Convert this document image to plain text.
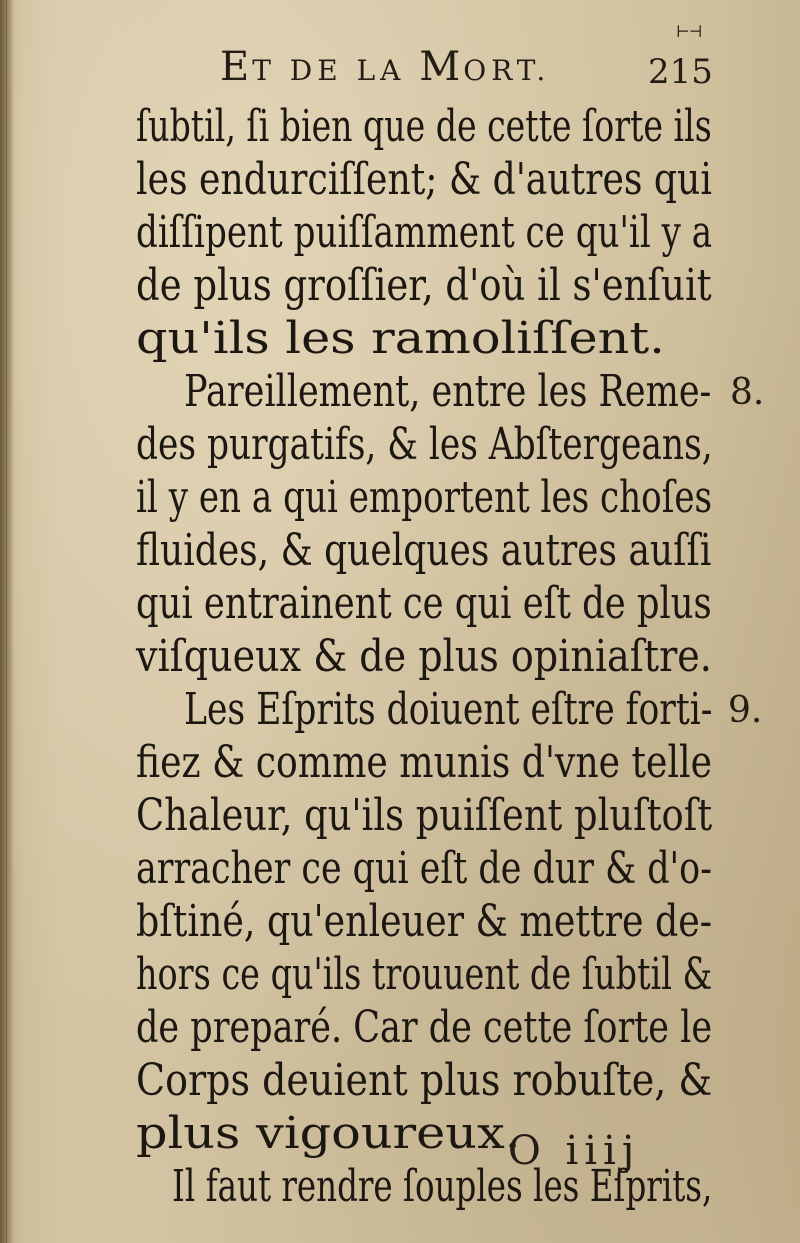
⊢⊣
ET DE LA MORT.	215
ſubtil, ſi bien que de cette ſorte ils
les endurciſſent; & d'autres qui
diſſipent puiſſamment ce qu'il y a
de plus groſſier, d'où il s'enſuit
qu'ils les ramoliſſent.
Pareillement, entre les Reme-
des purgatifs, & les Abſtergeans,
il y en a qui emportent les choſes
fluides, & quelques autres auſſi
qui entrainent ce qui eſt de plus
viſqueux & de plus opiniaſtre.
Les Eſprits doiuent eſtre forti-
fiez & comme munis d'vne telle
Chaleur, qu'ils puiſſent pluſtoſt
arracher ce qui eſt de dur & d'o-
bſtiné, qu'enleuer & mettre de-
hors ce qu'ils trouuent de ſubtil &
de preparé. Car de cette ſorte le
Corps deuient plus robuſte, &
plus vigoureux.
Il faut rendre ſouples les Eſprits,
8.
9.
O iiij
